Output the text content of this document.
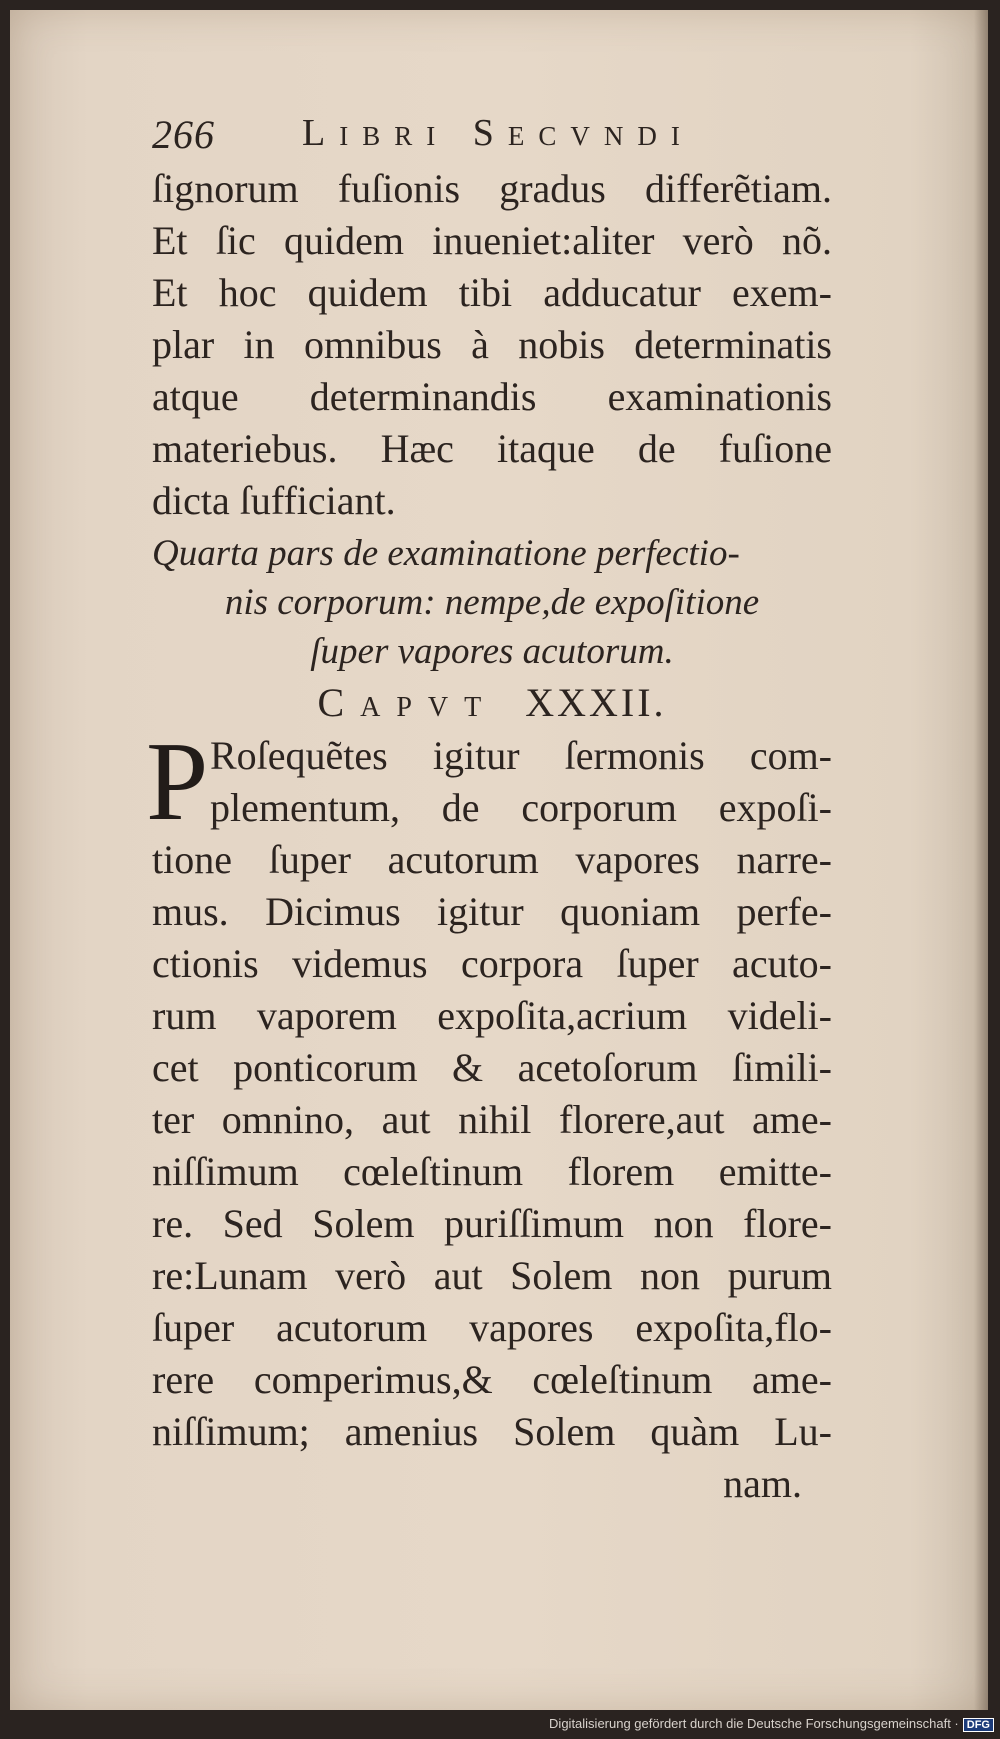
266 Libri Secvndi
ſignorum fuſionis gradus differẽtiam.
Et ſic quidem inueniet:aliter verò nõ.
Et hoc quidem tibi adducatur exem-
plar in omnibus à nobis determinatis
atque determinandis examinationis
materiebus. Hæc itaque de fuſione
dicta ſufficiant.
Quarta pars de examinatione perfectio-
nis corporum: nempe,de expoſitione
ſuper vapores acutorum.
Capvt XXXII.
P Roſequẽtes igitur ſermonis com-
plementum, de corporum expoſi-
tione ſuper acutorum vapores narre-
mus. Dicimus igitur quoniam perfe-
ctionis videmus corpora ſuper acuto-
rum vaporem expoſita,acrium videli-
cet ponticorum & acetoſorum ſimili-
ter omnino, aut nihil florere,aut ame-
niſſimum cœleſtinum florem emitte-
re. Sed Solem puriſſimum non flore-
re:Lunam verò aut Solem non purum
ſuper acutorum vapores expoſita,flo-
rere comperimus,& cœleſtinum ame-
niſſimum; amenius Solem quàm Lu-
nam.
Digitalisierung gefördert durch die Deutsche Forschungsgemeinschaft · DFG
